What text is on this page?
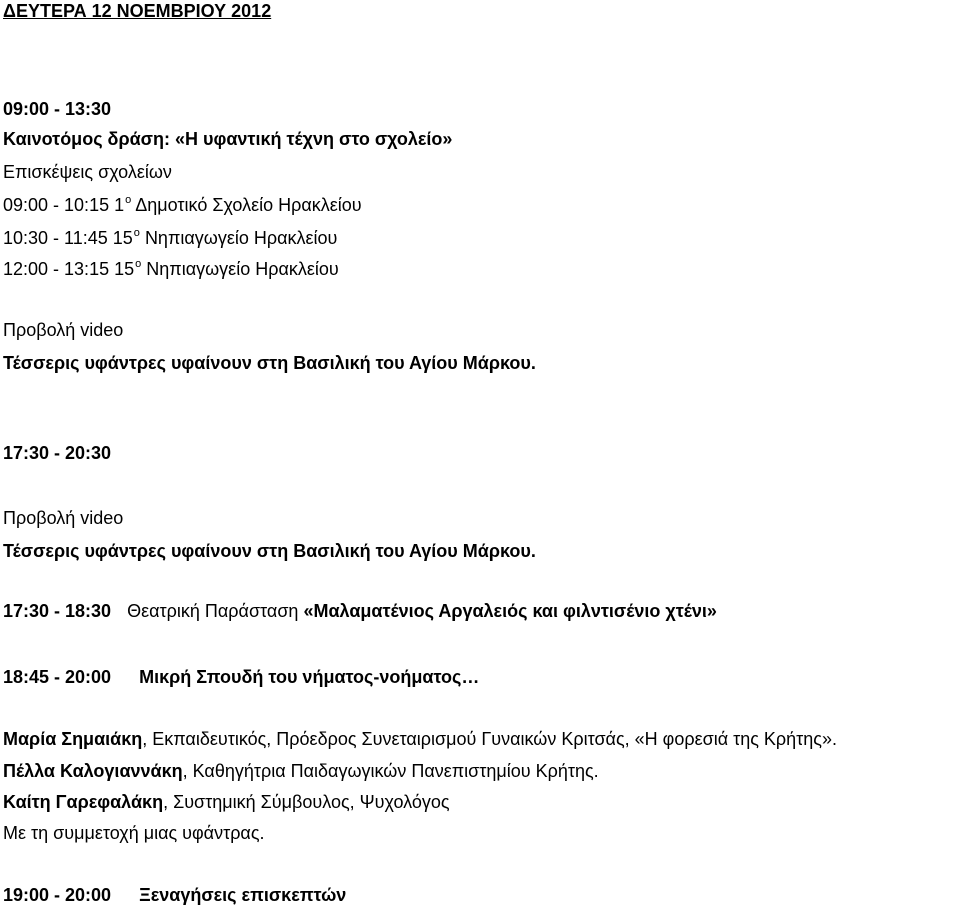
ΔΕΥΤΕΡΑ 12 ΝΟΕΜΒΡΙΟΥ 2012
09:00 - 13:30
Καινοτόμος δράση: «Η υφαντική τέχνη στο σχολείο»
Επισκέψεις σχολείων
09:00 - 10:15 $1^o$ Δημοτικό Σχολείο Ηρακλείου
10:30 - 11:45 $15^o$ Νηπιαγωγείο Ηρακλείου
12:00 - 13:15 $15^o$ Νηπιαγωγείο Ηρακλείου
Προβολή video
Τέσσερις υφάντρες υφαίνουν στη Βασιλική του Αγίου Μάρκου.
17:30 - 20:30
Προβολή video
Τέσσερις υφάντρες υφαίνουν στη Βασιλική του Αγίου Μάρκου.
17:30 - 18:30 Θεατρική Παράσταση «Μαλαματένιος Αργαλειός και φιλντισένιο χτένι»
18:45 - 20:00 Μικρή Σπουδή του νήματος-νοήματος…
Μαρία Σημαιάκη, Εκπαιδευτικός, Πρόεδρος Συνεταιρισμού Γυναικών Κριτσάς, «Η φορεσιά της Κρήτης».
Πέλλα Καλογιαννάκη, Καθηγήτρια Παιδαγωγικών Πανεπιστημίου Κρήτης.
Καίτη Γαρεφαλάκη, Συστημική Σύμβουλος, Ψυχολόγος
Με τη συμμετοχή μιας υφάντρας.
19:00 - 20:00 Ξεναγήσεις επισκεπτών
